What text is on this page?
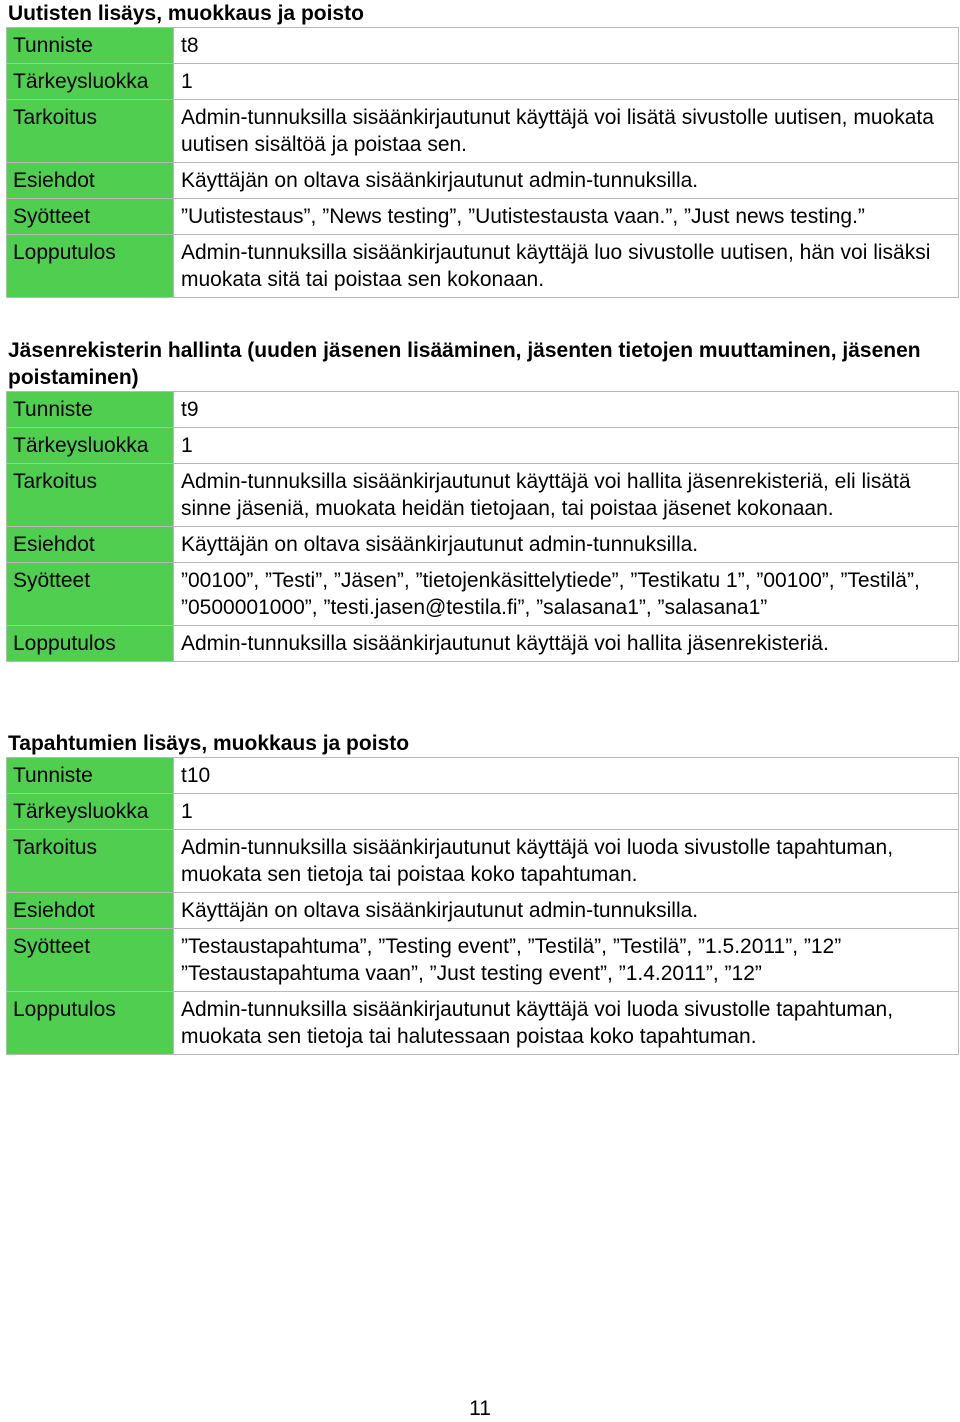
Uutisten lisäys, muokkaus ja poisto

Tunniste	t8
Tärkeysluokka	1
Tarkoitus	Admin-tunnuksilla sisäänkirjautunut käyttäjä voi lisätä sivustolle uutisen, muokata uutisen sisältöä ja poistaa sen.
Esiehdot	Käyttäjän on oltava sisäänkirjautunut admin-tunnuksilla.
Syötteet	”Uutistestaus”, ”News testing”, ”Uutistestausta vaan.”, ”Just news testing.”
Lopputulos	Admin-tunnuksilla sisäänkirjautunut käyttäjä luo sivustolle uutisen, hän voi lisäksi muokata sitä tai poistaa sen kokonaan.

Jäsenrekisterin hallinta (uuden jäsenen lisääminen, jäsenten tietojen muuttaminen, jäsenen poistaminen)

Tunniste	t9
Tärkeysluokka	1
Tarkoitus	Admin-tunnuksilla sisäänkirjautunut käyttäjä voi hallita jäsenrekisteriä, eli lisätä sinne jäseniä, muokata heidän tietojaan, tai poistaa jäsenet kokonaan.
Esiehdot	Käyttäjän on oltava sisäänkirjautunut admin-tunnuksilla.
Syötteet	”00100”, ”Testi”, ”Jäsen”, ”tietojenkäsittelytiede”, ”Testikatu 1”, ”00100”, ”Testilä”, ”0500001000”, ”testi.jasen@testila.fi”, ”salasana1”, ”salasana1”
Lopputulos	Admin-tunnuksilla sisäänkirjautunut käyttäjä voi hallita jäsenrekisteriä.

Tapahtumien lisäys, muokkaus ja poisto

Tunniste	t10
Tärkeysluokka	1
Tarkoitus	Admin-tunnuksilla sisäänkirjautunut käyttäjä voi luoda sivustolle tapahtuman, muokata sen tietoja tai poistaa koko tapahtuman.
Esiehdot	Käyttäjän on oltava sisäänkirjautunut admin-tunnuksilla.
Syötteet	”Testaustapahtuma”, ”Testing event”, ”Testilä”, ”Testilä”, ”1.5.2011”, ”12”
”Testaustapahtuma vaan”, ”Just testing event”, ”1.4.2011”, ”12”

Lopputulos	Admin-tunnuksilla sisäänkirjautunut käyttäjä voi luoda sivustolle tapahtuman, muokata sen tietoja tai halutessaan poistaa koko tapahtuman.
11
